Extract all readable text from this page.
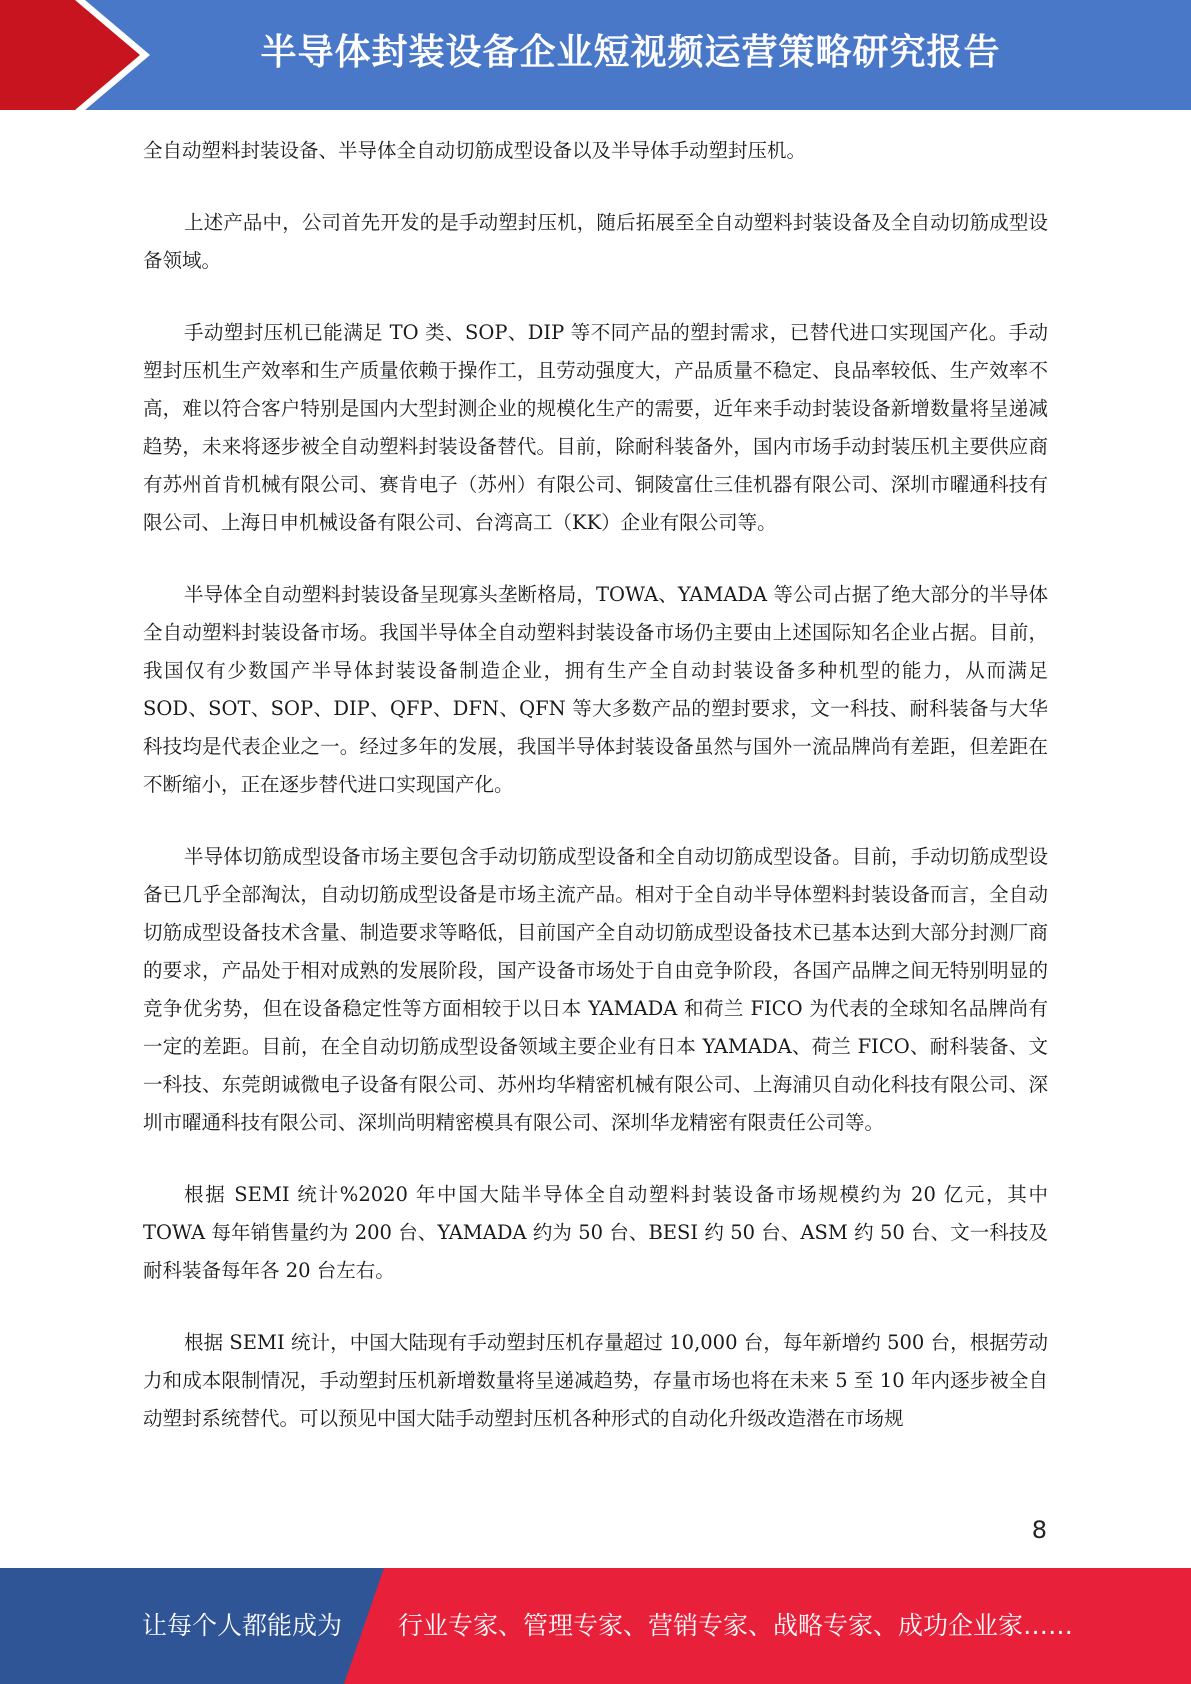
半导体封装设备企业短视频运营策略研究报告

全自动塑料封装设备、半导体全自动切筋成型设备以及半导体手动塑封压机。

上述产品中，公司首先开发的是手动塑封压机，随后拓展至全自动塑料封装设备及全自动切筋成型设备领域。

手动塑封压机已能满足 TO 类、SOP、DIP 等不同产品的塑封需求，已替代进口实现国产化。手动塑封压机生产效率和生产质量依赖于操作工，且劳动强度大，产品质量不稳定、良品率较低、生产效率不高，难以符合客户特别是国内大型封测企业的规模化生产的需要，近年来手动封装设备新增数量将呈递减趋势，未来将逐步被全自动塑料封装设备替代。目前，除耐科装备外，国内市场手动封装压机主要供应商有苏州首肯机械有限公司、赛肯电子（苏州）有限公司、铜陵富仕三佳机器有限公司、深圳市曜通科技有限公司、上海日申机械设备有限公司、台湾高工（KK）企业有限公司等。

半导体全自动塑料封装设备呈现寡头垄断格局，TOWA、YAMADA 等公司占据了绝大部分的半导体全自动塑料封装设备市场。我国半导体全自动塑料封装设备市场仍主要由上述国际知名企业占据。目前，我国仅有少数国产半导体封装设备制造企业，拥有生产全自动封装设备多种机型的能力，从而满足 SOD、SOT、SOP、DIP、QFP、DFN、QFN 等大多数产品的塑封要求，文一科技、耐科装备与大华科技均是代表企业之一。经过多年的发展，我国半导体封装设备虽然与国外一流品牌尚有差距，但差距在不断缩小，正在逐步替代进口实现国产化。

半导体切筋成型设备市场主要包含手动切筋成型设备和全自动切筋成型设备。目前，手动切筋成型设备已几乎全部淘汰，自动切筋成型设备是市场主流产品。相对于全自动半导体塑料封装设备而言，全自动切筋成型设备技术含量、制造要求等略低，目前国产全自动切筋成型设备技术已基本达到大部分封测厂商的要求，产品处于相对成熟的发展阶段，国产设备市场处于自由竞争阶段，各国产品牌之间无特别明显的竞争优劣势，但在设备稳定性等方面相较于以日本 YAMADA 和荷兰 FICO 为代表的全球知名品牌尚有一定的差距。目前，在全自动切筋成型设备领域主要企业有日本 YAMADA、荷兰 FICO、耐科装备、文一科技、东莞朗诚微电子设备有限公司、苏州均华精密机械有限公司、上海浦贝自动化科技有限公司、深圳市曜通科技有限公司、深圳尚明精密模具有限公司、深圳华龙精密有限责任公司等。

根据 SEMI 统计%2020 年中国大陆半导体全自动塑料封装设备市场规模约为 20 亿元，其中 TOWA 每年销售量约为 200 台、YAMADA 约为 50 台、BESI 约 50 台、ASM 约 50 台、文一科技及耐科装备每年各 20 台左右。

根据 SEMI 统计，中国大陆现有手动塑封压机存量超过 10,000 台，每年新增约 500 台，根据劳动力和成本限制情况，手动塑封压机新增数量将呈递减趋势，存量市场也将在未来 5 至 10 年内逐步被全自动塑封系统替代。可以预见中国大陆手动塑封压机各种形式的自动化升级改造潜在市场规

8
让每个人都能成为 行业专家、管理专家、营销专家、战略专家、成功企业家……
